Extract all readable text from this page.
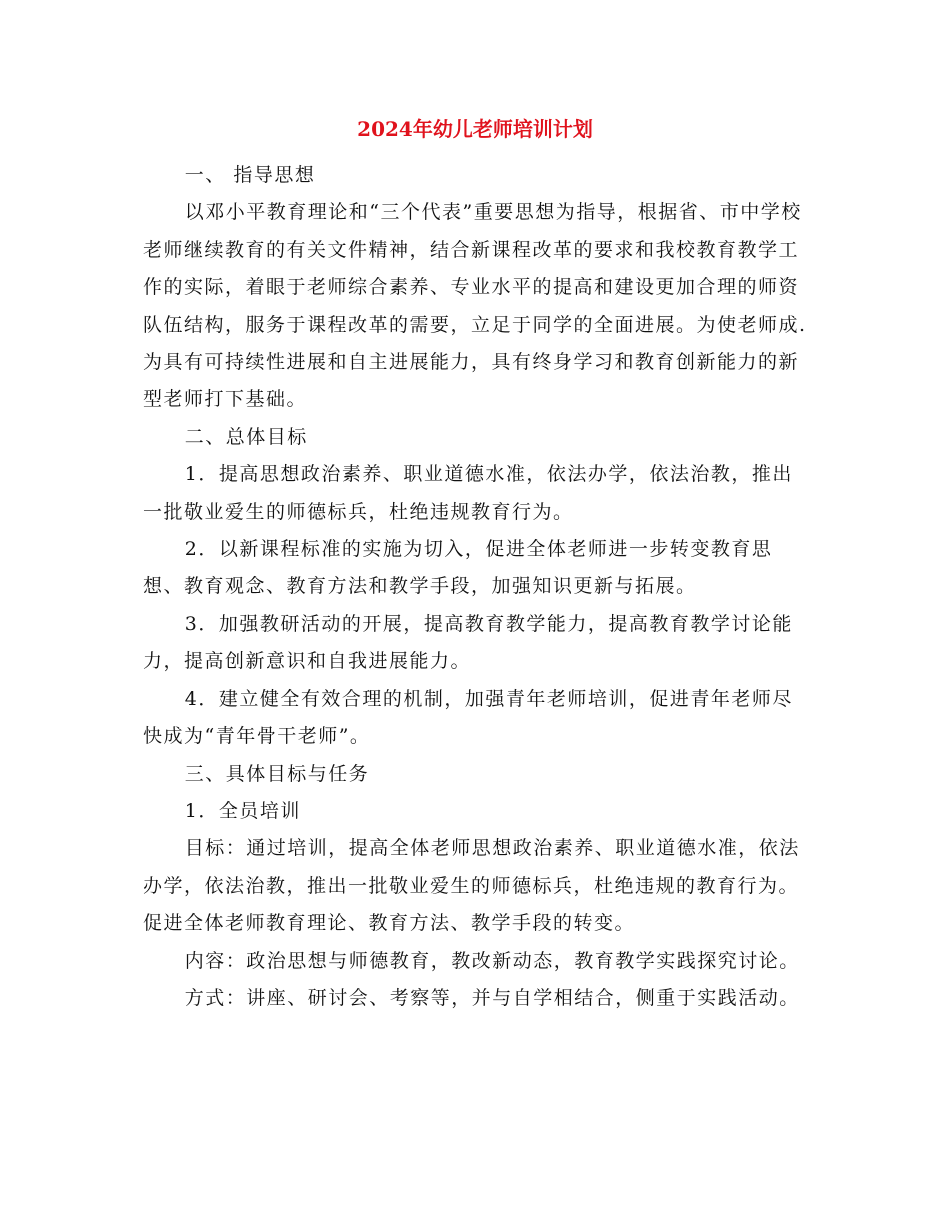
2024年幼儿老师培训计划

一、 指导思想

以邓小平教育理论和“三个代表”重要思想为指导，根据省、市中学校老师继续教育的有关文件精神，结合新课程改革的要求和我校教育教学工作的实际，着眼于老师综合素养、专业水平的提高和建设更加合理的师资队伍结构，服务于课程改革的需要，立足于同学的全面进展。为使老师成.为具有可持续性进展和自主进展能力，具有终身学习和教育创新能力的新型老师打下基础。

二、总体目标

1．提高思想政治素养、职业道德水准，依法办学，依法治教，推出一批敬业爱生的师德标兵，杜绝违规教育行为。

2．以新课程标准的实施为切入，促进全体老师进一步转变教育思想、教育观念、教育方法和教学手段，加强知识更新与拓展。

3．加强教研活动的开展，提高教育教学能力，提高教育教学讨论能力，提高创新意识和自我进展能力。

4．建立健全有效合理的机制，加强青年老师培训，促进青年老师尽快成为“青年骨干老师”。

三、具体目标与任务

1．全员培训

目标：通过培训，提高全体老师思想政治素养、职业道德水准，依法办学，依法治教，推出一批敬业爱生的师德标兵，杜绝违规的教育行为。促进全体老师教育理论、教育方法、教学手段的转变。

内容：政治思想与师德教育，教改新动态，教育教学实践探究讨论。

方式：讲座、研讨会、考察等，并与自学相结合，侧重于实践活动。
